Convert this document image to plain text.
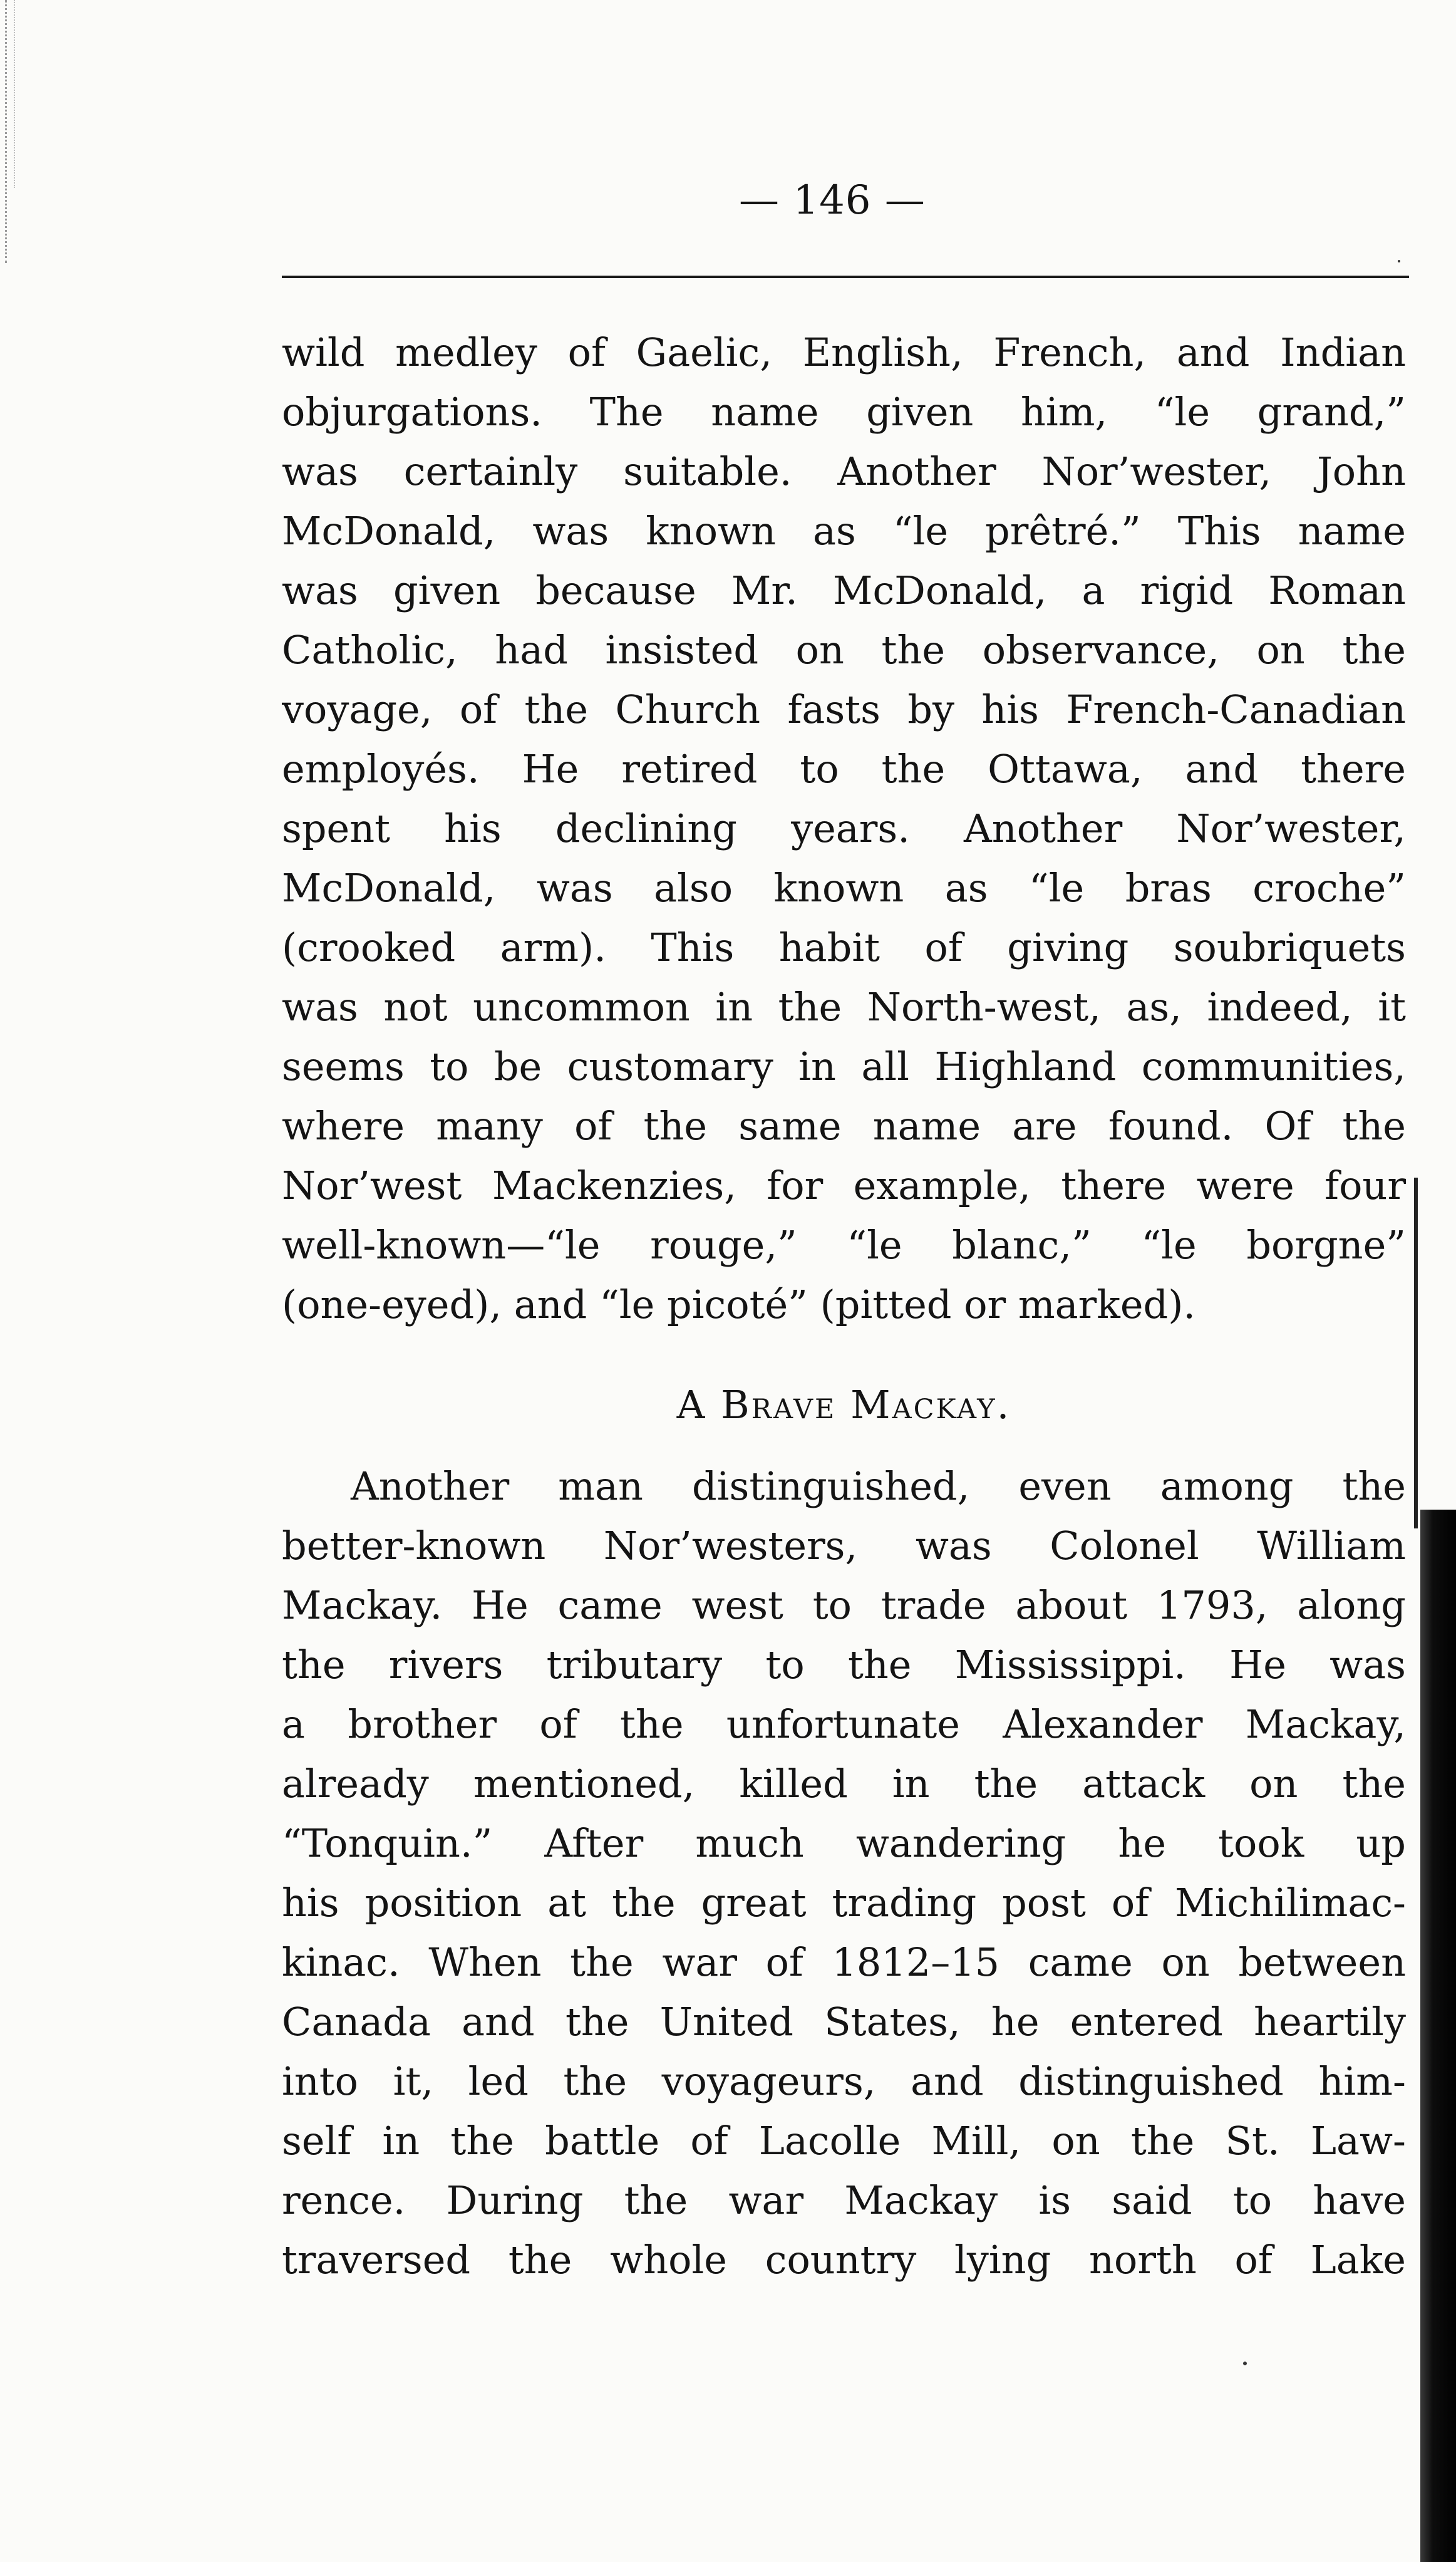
— 146 —
wild medley of Gaelic, English, French, and Indian
objurgations. The name given him, “le grand,”
was certainly suitable. Another Nor’wester, John
McDonald, was known as “le prêtré.” This name
was given because Mr. McDonald, a rigid Roman
Catholic, had insisted on the observance, on the
voyage, of the Church fasts by his French-Canadian
employés. He retired to the Ottawa, and there
spent his declining years. Another Nor’wester,
McDonald, was also known as “le bras croche”
(crooked arm). This habit of giving soubriquets
was not uncommon in the North-west, as, indeed, it
seems to be customary in all Highland communities,
where many of the same name are found. Of the
Nor’west Mackenzies, for example, there were four
well-known—“le rouge,” “le blanc,” “le borgne”
(one-eyed), and “le picoté” (pitted or marked).
A Brave Mackay.
Another man distinguished, even among the
better-known Nor’westers, was Colonel William
Mackay. He came west to trade about 1793, along
the rivers tributary to the Mississippi. He was
a brother of the unfortunate Alexander Mackay,
already mentioned, killed in the attack on the
“Tonquin.” After much wandering he took up
his position at the great trading post of Michilimac-
kinac. When the war of 1812–15 came on between
Canada and the United States, he entered heartily
into it, led the voyageurs, and distinguished him-
self in the battle of Lacolle Mill, on the St. Law-
rence. During the war Mackay is said to have
traversed the whole country lying north of Lake
